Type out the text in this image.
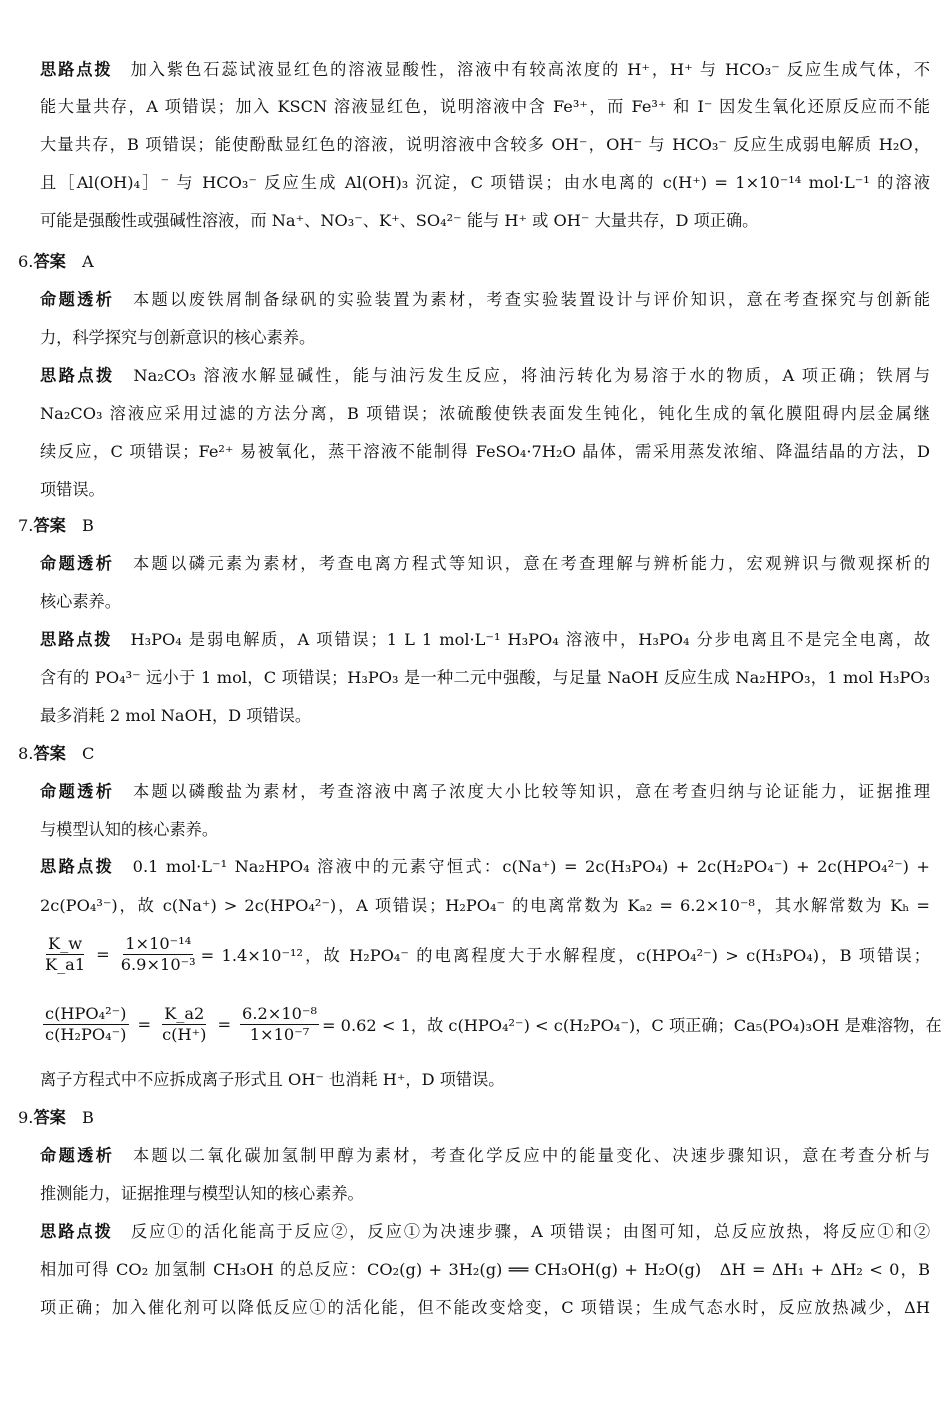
思路点拨　 加入紫色石蕊试液显红色的溶液显酸性，溶液中有较高浓度的 H⁺，H⁺ 与 HCO₃⁻ 反应生成气体，不
能大量共存，A 项错误；加入 KSCN 溶液显红色，说明溶液中含 Fe³⁺，而 Fe³⁺ 和 I⁻ 因发生氧化还原反应而不能
大量共存，B 项错误；能使酚酞显红色的溶液，说明溶液中含较多 OH⁻，OH⁻ 与 HCO₃⁻ 反应生成弱电解质 H₂O，
且［Al(OH)₄］⁻ 与 HCO₃⁻ 反应生成 Al(OH)₃ 沉淀，C 项错误；由水电离的 c(H⁺) = 1×10⁻¹⁴ mol·L⁻¹ 的溶液
可能是强酸性或强碱性溶液，而 Na⁺、NO₃⁻、K⁺、SO₄²⁻ 能与 H⁺ 或 OH⁻ 大量共存，D 项正确。
6.答案　 A
命题透析　 本题以废铁屑制备绿矾的实验装置为素材，考查实验装置设计与评价知识，意在考查探究与创新能
力，科学探究与创新意识的核心素养。
思路点拨　 Na₂CO₃ 溶液水解显碱性，能与油污发生反应，将油污转化为易溶于水的物质，A 项正确；铁屑与
Na₂CO₃ 溶液应采用过滤的方法分离，B 项错误；浓硫酸使铁表面发生钝化，钝化生成的氧化膜阻碍内层金属继
续反应，C 项错误；Fe²⁺ 易被氧化，蒸干溶液不能制得 FeSO₄·7H₂O 晶体，需采用蒸发浓缩、降温结晶的方法，D
项错误。
7.答案　 B
命题透析　 本题以磷元素为素材，考查电离方程式等知识，意在考查理解与辨析能力，宏观辨识与微观探析的
核心素养。
思路点拨　 H₃PO₄ 是弱电解质，A 项错误；1 L 1 mol·L⁻¹ H₃PO₄ 溶液中，H₃PO₄ 分步电离且不是完全电离，故
含有的 PO₄³⁻ 远小于 1 mol，C 项错误；H₃PO₃ 是一种二元中强酸，与足量 NaOH 反应生成 Na₂HPO₃，1 mol H₃PO₃
最多消耗 2 mol NaOH，D 项错误。
8.答案　 C
命题透析　 本题以磷酸盐为素材，考查溶液中离子浓度大小比较等知识，意在考查归纳与论证能力，证据推理
与模型认知的核心素养。
思路点拨　 0.1 mol·L⁻¹ Na₂HPO₄ 溶液中的元素守恒式：c(Na⁺) = 2c(H₃PO₄) + 2c(H₂PO₄⁻) + 2c(HPO₄²⁻) +
2c(PO₄³⁻)，故 c(Na⁺) > 2c(HPO₄²⁻)，A 项错误；H₂PO₄⁻ 的电离常数为 Kₐ₂ = 6.2×10⁻⁸，其水解常数为 Kₕ =
$\frac{K\_w}{K\_a1} = \frac{\text{1×10⁻¹⁴}}{\text{6.9×10⁻³}} = 1.4\times 10^{-12}$，故 H₂PO₄⁻ 的电离程度大于水解程度，c(HPO₄²⁻) > c(H₃PO₄)，B 项错误；
$\frac{\text{c(HPO₄²⁻)}}{\text{c(H₂PO₄⁻)}} = \frac{K\_a2}{c(H^+)} = \frac{\text{6.2×10⁻⁸}}{\text{1×10⁻⁷}} = 0.62 < 1$，故 c(HPO₄²⁻) < c(H₂PO₄⁻)，C 项正确；Ca₅(PO₄)₃OH 是难溶物，在
离子方程式中不应拆成离子形式且 OH⁻ 也消耗 H⁺，D 项错误。
9.答案　 B
命题透析　 本题以二氧化碳加氢制甲醇为素材，考查化学反应中的能量变化、决速步骤知识，意在考查分析与
推测能力，证据推理与模型认知的核心素养。
思路点拨　 反应①的活化能高于反应②，反应①为决速步骤，A 项错误；由图可知，总反应放热，将反应①和②
相加可得 CO₂ 加氢制 CH₃OH 的总反应：CO₂(g) + 3H₂(g) ══ CH₃OH(g) + H₂O(g)　ΔH = ΔH₁ + ΔH₂ < 0，B
项正确；加入催化剂可以降低反应①的活化能，但不能改变焓变，C 项错误；生成气态水时，反应放热减少，ΔH
